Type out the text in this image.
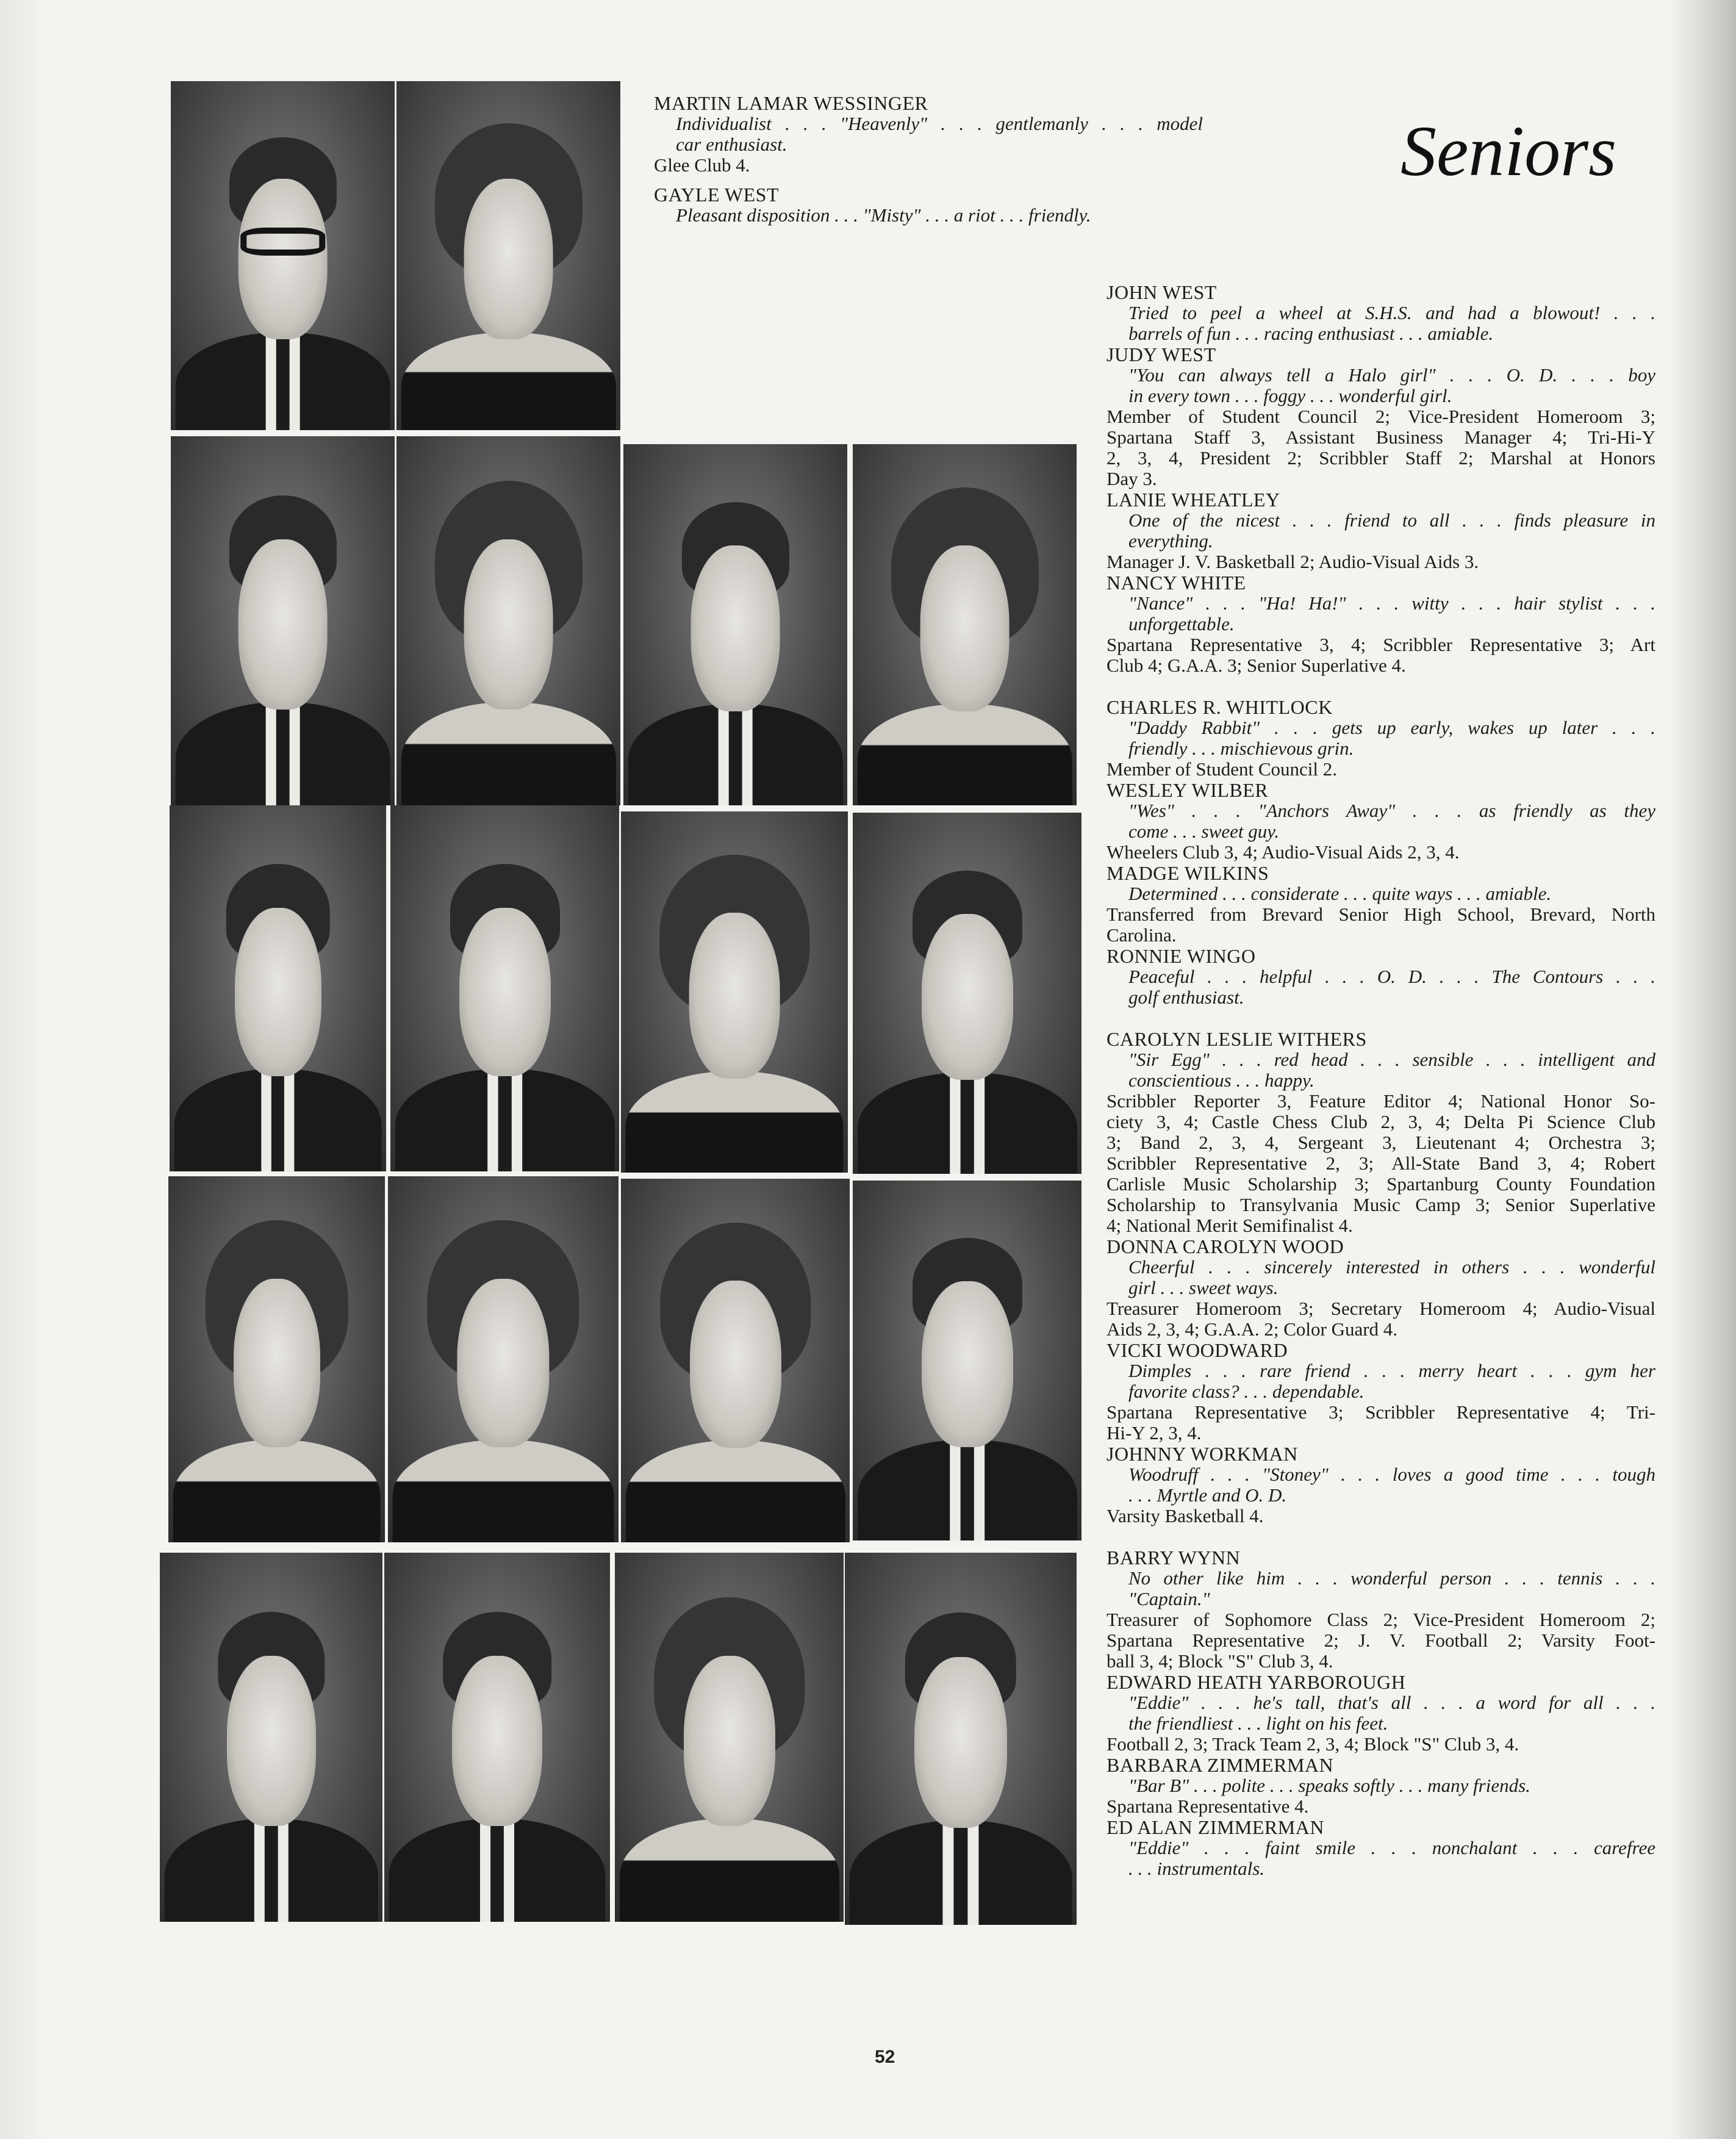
Seniors
MARTIN LAMAR WESSINGER
Individualist . . . "Heavenly" . . . gentlemanly . . . model
car enthusiast.
Glee Club 4.
GAYLE WEST
Pleasant disposition . . . "Misty" . . . a riot . . . friendly.
JOHN WEST
Tried to peel a wheel at S.H.S. and had a blowout! . . .
barrels of fun . . . racing enthusiast . . . amiable.
JUDY WEST
"You can always tell a Halo girl" . . . O. D. . . . boy
in every town . . . foggy . . . wonderful girl.
Member of Student Council 2; Vice-President Homeroom 3;
Spartana Staff 3, Assistant Business Manager 4; Tri-Hi-Y
2, 3, 4, President 2; Scribbler Staff 2; Marshal at Honors
Day 3.
LANIE WHEATLEY
One of the nicest . . . friend to all . . . finds pleasure in
everything.
Manager J. V. Basketball 2; Audio-Visual Aids 3.
NANCY WHITE
"Nance" . . . "Ha! Ha!" . . . witty . . . hair stylist . . .
unforgettable.
Spartana Representative 3, 4; Scribbler Representative 3; Art
Club 4; G.A.A. 3; Senior Superlative 4.
CHARLES R. WHITLOCK
"Daddy Rabbit" . . . gets up early, wakes up later . . .
friendly . . . mischievous grin.
Member of Student Council 2.
WESLEY WILBER
"Wes" . . . "Anchors Away" . . . as friendly as they
come . . . sweet guy.
Wheelers Club 3, 4; Audio-Visual Aids 2, 3, 4.
MADGE WILKINS
Determined . . . considerate . . . quite ways . . . amiable.
Transferred from Brevard Senior High School, Brevard, North
Carolina.
RONNIE WINGO
Peaceful . . . helpful . . . O. D. . . . The Contours . . .
golf enthusiast.
CAROLYN LESLIE WITHERS
"Sir Egg" . . . red head . . . sensible . . . intelligent and
conscientious . . . happy.
Scribbler Reporter 3, Feature Editor 4; National Honor So-
ciety 3, 4; Castle Chess Club 2, 3, 4; Delta Pi Science Club
3; Band 2, 3, 4, Sergeant 3, Lieutenant 4; Orchestra 3;
Scribbler Representative 2, 3; All-State Band 3, 4; Robert
Carlisle Music Scholarship 3; Spartanburg County Foundation
Scholarship to Transylvania Music Camp 3; Senior Superlative
4; National Merit Semifinalist 4.
DONNA CAROLYN WOOD
Cheerful . . . sincerely interested in others . . . wonderful
girl . . . sweet ways.
Treasurer Homeroom 3; Secretary Homeroom 4; Audio-Visual
Aids 2, 3, 4; G.A.A. 2; Color Guard 4.
VICKI WOODWARD
Dimples . . . rare friend . . . merry heart . . . gym her
favorite class? . . . dependable.
Spartana Representative 3; Scribbler Representative 4; Tri-
Hi-Y 2, 3, 4.
JOHNNY WORKMAN
Woodruff . . . "Stoney" . . . loves a good time . . . tough
. . . Myrtle and O. D.
Varsity Basketball 4.
BARRY WYNN
No other like him . . . wonderful person . . . tennis . . .
"Captain."
Treasurer of Sophomore Class 2; Vice-President Homeroom 2;
Spartana Representative 2; J. V. Football 2; Varsity Foot-
ball 3, 4; Block "S" Club 3, 4.
EDWARD HEATH YARBOROUGH
"Eddie" . . . he's tall, that's all . . . a word for all . . .
the friendliest . . . light on his feet.
Football 2, 3; Track Team 2, 3, 4; Block "S" Club 3, 4.
BARBARA ZIMMERMAN
"Bar B" . . . polite . . . speaks softly . . . many friends.
Spartana Representative 4.
ED ALAN ZIMMERMAN
"Eddie" . . . faint smile . . . nonchalant . . . carefree
. . . instrumentals.
52
